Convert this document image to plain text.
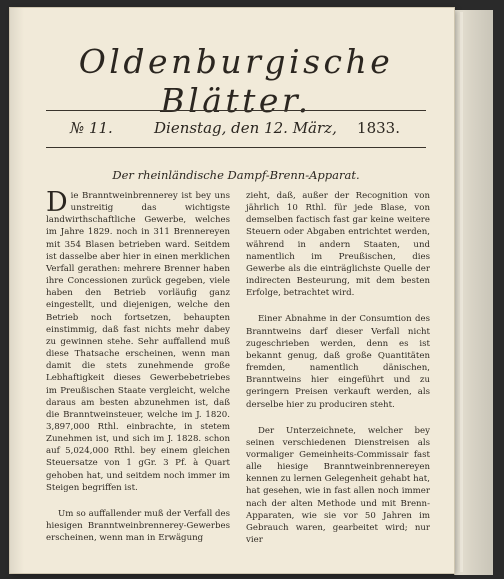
Oldenburgische Blätter.
№ 11.	Dienstag, den 12. März, 1833.
Der rheinländische Dampf-Brenn-Apparat.

Die Branntweinbrennerey ist bey uns unstreitig das wichtigste landwirthschaftliche Gewerbe, welches im Jahre 1829. noch in 311 Brennereyen mit 354 Blasen betrieben ward. Seitdem ist dasselbe aber hier in einen merklichen Verfall gerathen: mehrere Brenner haben ihre Concessionen zurück gegeben, viele haben den Betrieb vorläufig ganz eingestellt, und diejenigen, welche den Betrieb noch fortsetzen, behaupten einstimmig, daß fast nichts mehr dabey zu gewinnen stehe. Sehr auffallend muß diese Thatsache erscheinen, wenn man damit die stets zunehmende große Lebhaftigkeit dieses Gewerbebetriebes im Preußischen Staate vergleicht, welche daraus am besten abzunehmen ist, daß die Branntweinsteuer, welche im J. 1820. 3,897,000 Rthl. einbrachte, in stetem Zunehmen ist, und sich im J. 1828. schon auf 5,024,000 Rthl. bey einem gleichen Steuersatze von 1 gGr. 3 Pf. à Quart gehoben hat, und seitdem noch immer im Steigen begriffen ist.

Um so auffallender muß der Verfall des hiesigen Branntweinbrennerey-Gewerbes erscheinen, wenn man in Erwägung

zieht, daß, außer der Recognition von jährlich 10 Rthl. für jede Blase, von demselben factisch fast gar keine weitere Steuern oder Abgaben entrichtet werden, während in andern Staaten, und namentlich im Preußischen, dies Gewerbe als die einträglichste Quelle der indirecten Besteurung, mit dem besten Erfolge, betrachtet wird.

Einer Abnahme in der Consumtion des Branntweins darf dieser Verfall nicht zugeschrieben werden, denn es ist bekannt genug, daß große Quantitäten fremden, namentlich dänischen, Branntweins hier eingeführt und zu geringern Preisen verkauft werden, als derselbe hier zu produciren steht.

Der Unterzeichnete, welcher bey seinen verschiedenen Dienstreisen als vormaliger Gemeinheits-Commissair fast alle hiesige Branntweinbrennereyen kennen zu lernen Gelegenheit gehabt hat, hat gesehen, wie in fast allen noch immer nach der alten Methode und mit Brenn-Apparaten, wie sie vor 50 Jahren im Gebrauch waren, gearbeitet wird; nur vier
